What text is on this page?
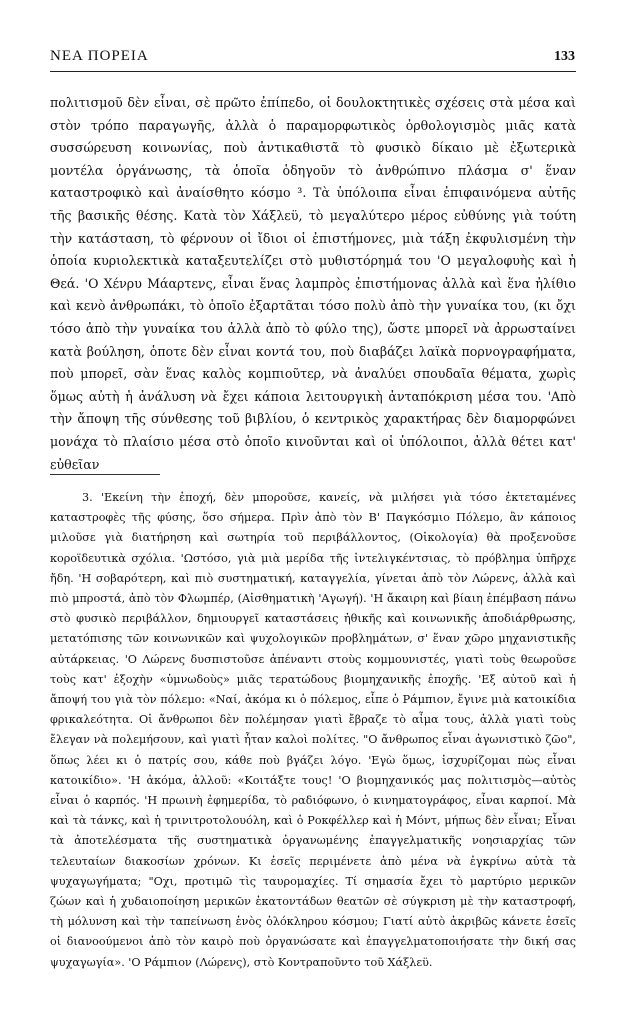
ΝΕΑ ΠΟΡΕΙΑ	133

πολιτισμοῦ δὲν εἶναι, σὲ πρῶτο ἐπίπεδο, οἱ δουλοκτητικὲς σχέσεις στὰ μέσα καὶ στὸν τρόπο παραγωγῆς, ἀλλὰ ὁ παραμορφωτικὸς ὀρθολογισμὸς μιᾶς κατὰ συσσώρευση κοινωνίας, ποὺ ἀντικαθιστᾶ τὸ φυσικὸ δίκαιο μὲ ἐξωτερικὰ μοντέλα ὀργάνωσης, τὰ ὁποῖα ὁδηγοῦν τὸ ἀνθρώπινο πλάσμα σ' ἕναν καταστροφικὸ καὶ ἀναίσθητο κόσμο ³. Τὰ ὑπόλοιπα εἶναι ἐπιφαινόμενα αὐτῆς τῆς βασικῆς θέσης. Κατὰ τὸν Χάξλεϋ, τὸ μεγαλύτερο μέρος εὐθύνης γιὰ τούτη τὴν κατάσταση, τὸ φέρνουν οἱ ἴδιοι οἱ ἐπιστήμονες, μιὰ τάξη ἐκφυλισμένη τὴν ὁποία κυριολεκτικὰ καταξευτελίζει στὸ μυθιστόρημά του 'Ο μεγαλοφυὴς καὶ ἡ Θεά. 'Ο Χένρυ Μάαρτενς, εἶναι ἕνας λαμπρὸς ἐπιστήμονας ἀλλὰ καὶ ἕνα ἠλίθιο καὶ κενὸ ἀνθρωπάκι, τὸ ὁποῖο ἐξαρτᾶται τόσο πολὺ ἀπὸ τὴν γυναίκα του, (κι ὄχι τόσο ἀπὸ τὴν γυναίκα του ἀλλὰ ἀπὸ τὸ φύλο της), ὥστε μπορεῖ νὰ ἀρρωσταίνει κατὰ βούληση, ὁποτε δὲν εἶναι κοντά του, ποὺ διαβάζει λαϊκὰ πορνογραφήματα, ποὺ μπορεῖ, σὰν ἕνας καλὸς κομπιοῦτερ, νὰ ἀναλύει σπουδαῖα θέματα, χωρὶς ὅμως αὐτὴ ἡ ἀνάλυση νὰ ἔχει κάποια λειτουργικὴ ἀνταπόκριση μέσα του. 'Απὸ τὴν ἄποψη τῆς σύνθεσης τοῦ βιβλίου, ὁ κεντρικὸς χαρακτήρας δὲν διαμορφώνει μονάχα τὸ πλαίσιο μέσα στὸ ὁποῖο κινοῦνται καὶ οἱ ὑπόλοιποι, ἀλλὰ θέτει κατ' εὐθεῖαν

3. 'Εκείνη τὴν ἐποχή, δὲν μποροῦσε, κανείς, νὰ μιλήσει γιὰ τόσο ἐκτεταμένες καταστροφὲς τῆς φύσης, ὅσο σήμερα. Πρὶν ἀπὸ τὸν Β' Παγκόσμιο Πόλεμο, ἂν κάποιος μιλοῦσε γιὰ διατήρηση καὶ σωτηρία τοῦ περιβάλλοντος, (Οἰκολογία) θὰ προξενοῦσε κοροϊδευτικὰ σχόλια. 'Ωστόσο, γιὰ μιὰ μερίδα τῆς ἰντελιγκέντσιας, τὸ πρόβλημα ὑπῆρχε ἤδη. 'Η σοβαρότερη, καὶ πιὸ συστηματική, καταγγελία, γίνεται ἀπὸ τὸν Λώρενς, ἀλλὰ καὶ πιὸ μπροστά, ἀπὸ τὸν Φλωμπέρ, (Αἰσθηματικὴ 'Αγωγή). 'Η ἄκαιρη καὶ βίαιη ἐπέμβαση πάνω στὸ φυσικὸ περιβάλλον, δημιουργεῖ καταστάσεις ἠθικῆς καὶ κοινωνικῆς ἀποδιάρθρωσης, μετατόπισης τῶν κοινωνικῶν καὶ ψυχολογικῶν προβλημάτων, σ' ἕναν χῶρο μηχανιστικῆς αὐτάρκειας. 'Ο Λώρενς δυσπιστοῦσε ἀπέναντι στοὺς κομμουνιστές, γιατὶ τοὺς θεωροῦσε τοὺς κατ' ἐξοχὴν «ὑμνωδοὺς» μιᾶς τερατώδους βιομηχανικῆς ἐποχῆς. 'Εξ αὐτοῦ καὶ ἡ ἄποψή του γιὰ τὸν πόλεμο: «Ναί, ἀκόμα κι ὁ πόλεμος, εἶπε ὁ Ράμπιον, ἔγινε μιὰ κατοικίδια φρικαλεότητα. Οἱ ἄνθρωποι δὲν πολέμησαν γιατὶ ἔβραζε τὸ αἷμα τους, ἀλλὰ γιατὶ τοὺς ἔλεγαν νὰ πολεμήσουν, καὶ γιατὶ ἦταν καλοὶ πολίτες. "Ο ἄνθρωπος εἶναι ἀγωνιστικὸ ζῶο", ὅπως λέει κι ὁ πατρίς σου, κάθε ποὺ βγάζει λόγο. 'Εγὼ ὅμως, ἰσχυρίζομαι πὼς εἶναι κατοικίδιο». 'Η ἀκόμα, ἀλλοῦ: «Κοιτάξτε τους! 'Ο βιομηχανικός μας πολιτισμὸς—αὐτὸς εἶναι ὁ καρπός. 'Η πρωινὴ ἐφημερίδα, τὸ ραδιόφωνο, ὁ κινηματογράφος, εἶναι καρποί. Μὰ καὶ τὰ τάνκς, καὶ ἡ τρινιτροτολουόλη, καὶ ὁ Ροκφέλλερ καὶ ἡ Μόντ, μήπως δὲν εἶναι; Εἶναι τὰ ἀποτελέσματα τῆς συστηματικὰ ὀργανωμένης ἐπαγγελματικῆς νοησιαρχίας τῶν τελευταίων διακοσίων χρόνων. Κι ἐσεῖς περιμένετε ἀπὸ μένα νὰ ἐγκρίνω αὐτὰ τὰ ψυχαγωγήματα; "Οχι, προτιμῶ τὶς ταυρομαχίες. Τί σημασία ἔχει τὸ μαρτύριο μερικῶν ζώων καὶ ἡ χυδαιοποίηση μερικῶν ἑκατοντάδων θεατῶν σὲ σύγκριση μὲ τὴν καταστροφή, τὴ μόλυνση καὶ τὴν ταπείνωση ἑνὸς ὁλόκληρου κόσμου; Γιατί αὐτὸ ἀκριβῶς κάνετε ἐσεῖς οἱ διανοούμενοι ἀπὸ τὸν καιρὸ ποὺ ὀργανώσατε καὶ ἐπαγγελματοποιήσατε τὴν δική σας ψυχαγωγία». 'Ο Ράμπιον (Λώρενς), στὸ Κοντραποῦντο τοῦ Χάξλεϋ.
